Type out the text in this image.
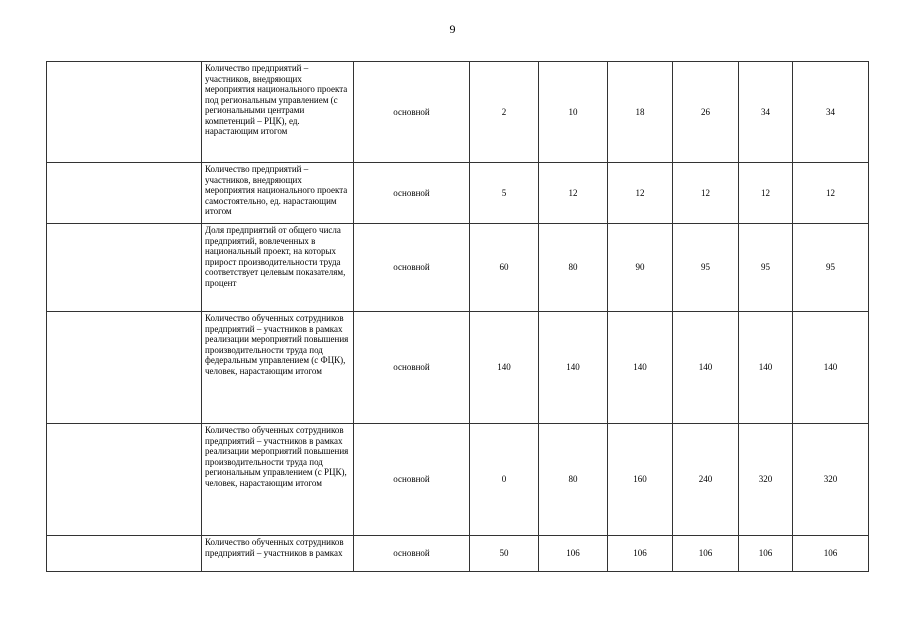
9
	Количество предприятий – участников, внедряющих мероприятия национального проекта под региональным управлением (с региональными центрами компетенций – РЦК), ед. нарастающим итогом	основной	2	10	18	26	34	34
	Количество предприятий – участников, внедряющих мероприятия национального проекта самостоятельно, ед. нарастающим итогом	основной	5	12	12	12	12	12
	Доля предприятий от общего числа предприятий, вовлеченных в национальный проект, на которых прирост производительности труда соответствует целевым показателям, процент	основной	60	80	90	95	95	95
	Количество обученных сотрудников предприятий – участников в рамках реализации мероприятий повышения производительности труда под федеральным управлением (с ФЦК), человек, нарастающим итогом	основной	140	140	140	140	140	140
	Количество обученных сотрудников предприятий – участников в рамках реализации мероприятий повышения производительности труда под региональным управлением (с РЦК), человек, нарастающим итогом	основной	0	80	160	240	320	320
	Количество обученных сотрудников предприятий – участников в рамках	основной	50	106	106	106	106	106
